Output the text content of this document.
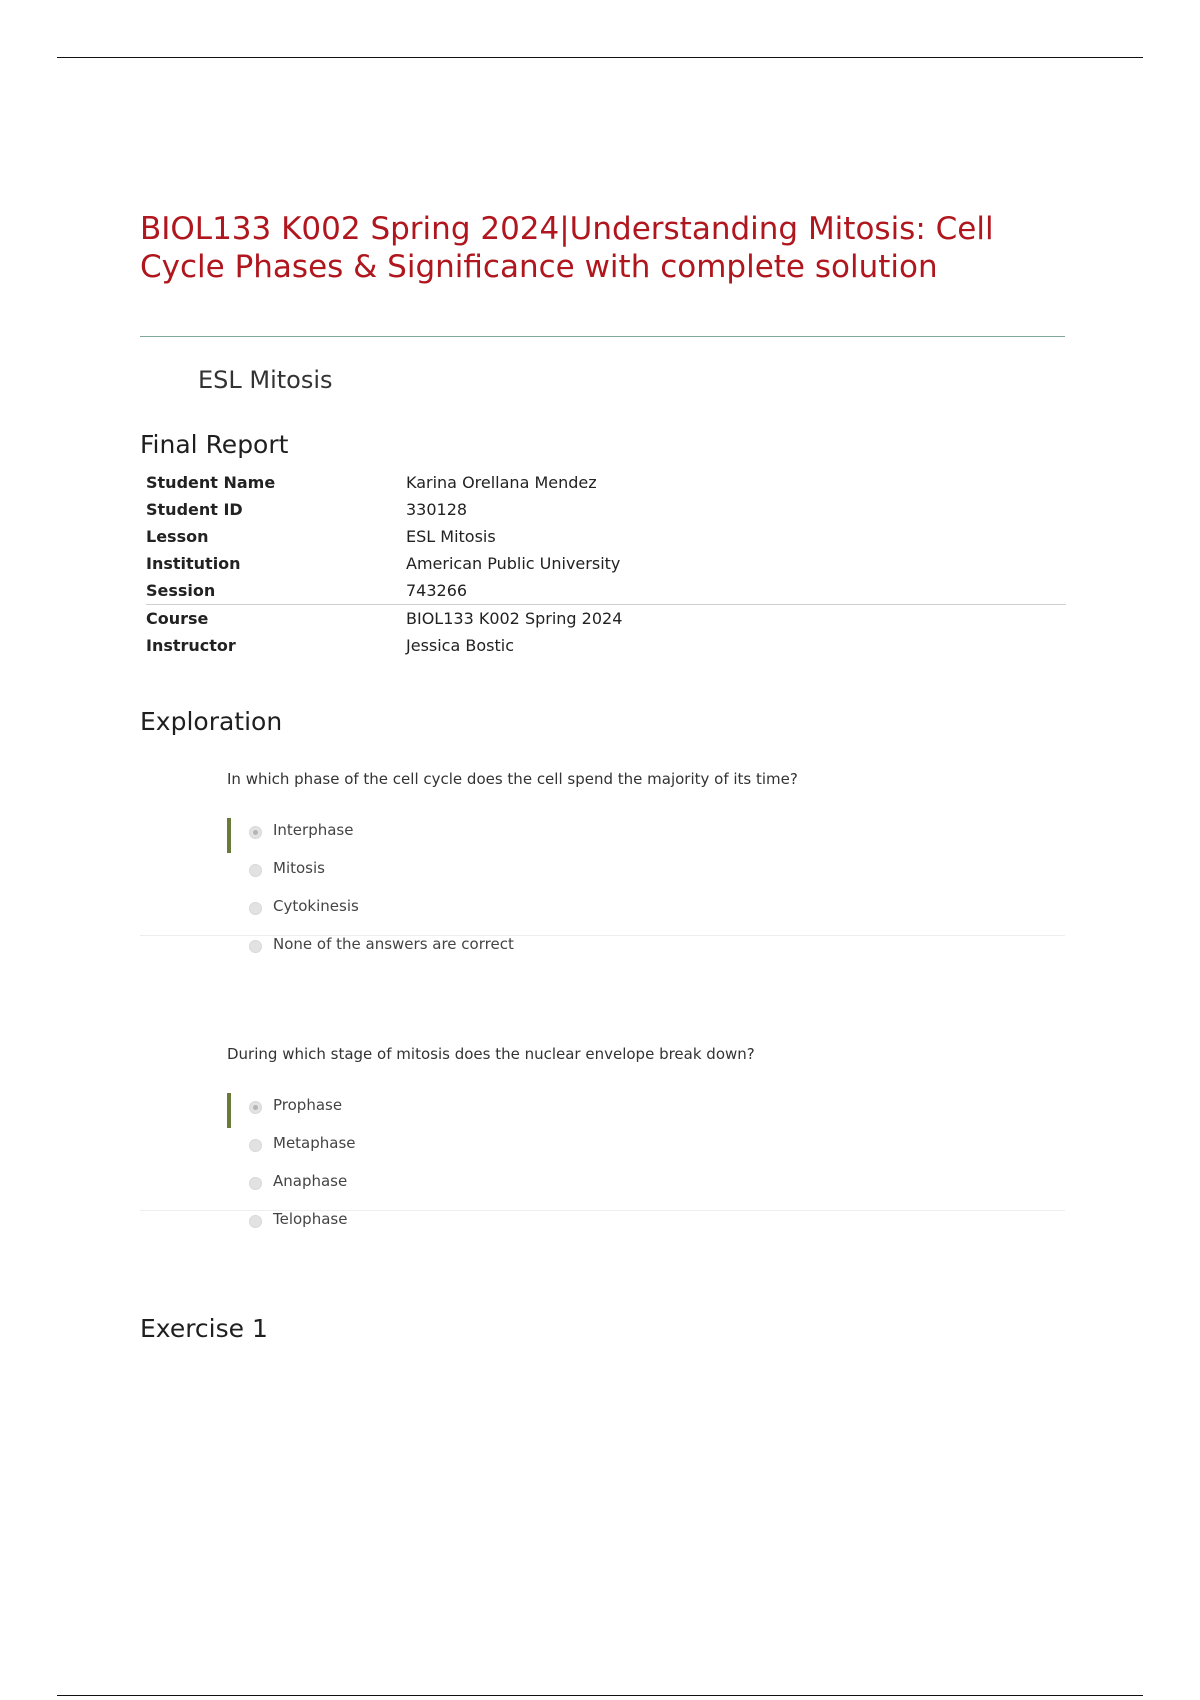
BIOL133 K002 Spring 2024|Understanding Mitosis: Cell Cycle Phases & Significance with complete solution
ESL Mitosis
Final Report
Student Name	Karina Orellana Mendez
Student ID	330128
Lesson	ESL Mitosis
Institution	American Public University
Session	743266
Course	BIOL133 K002 Spring 2024
Instructor	Jessica Bostic
Exploration
In which phase of the cell cycle does the cell spend the majority of its time?
Interphase
Mitosis
Cytokinesis
None of the answers are correct
During which stage of mitosis does the nuclear envelope break down?
Prophase
Metaphase
Anaphase
Telophase
Exercise 1
